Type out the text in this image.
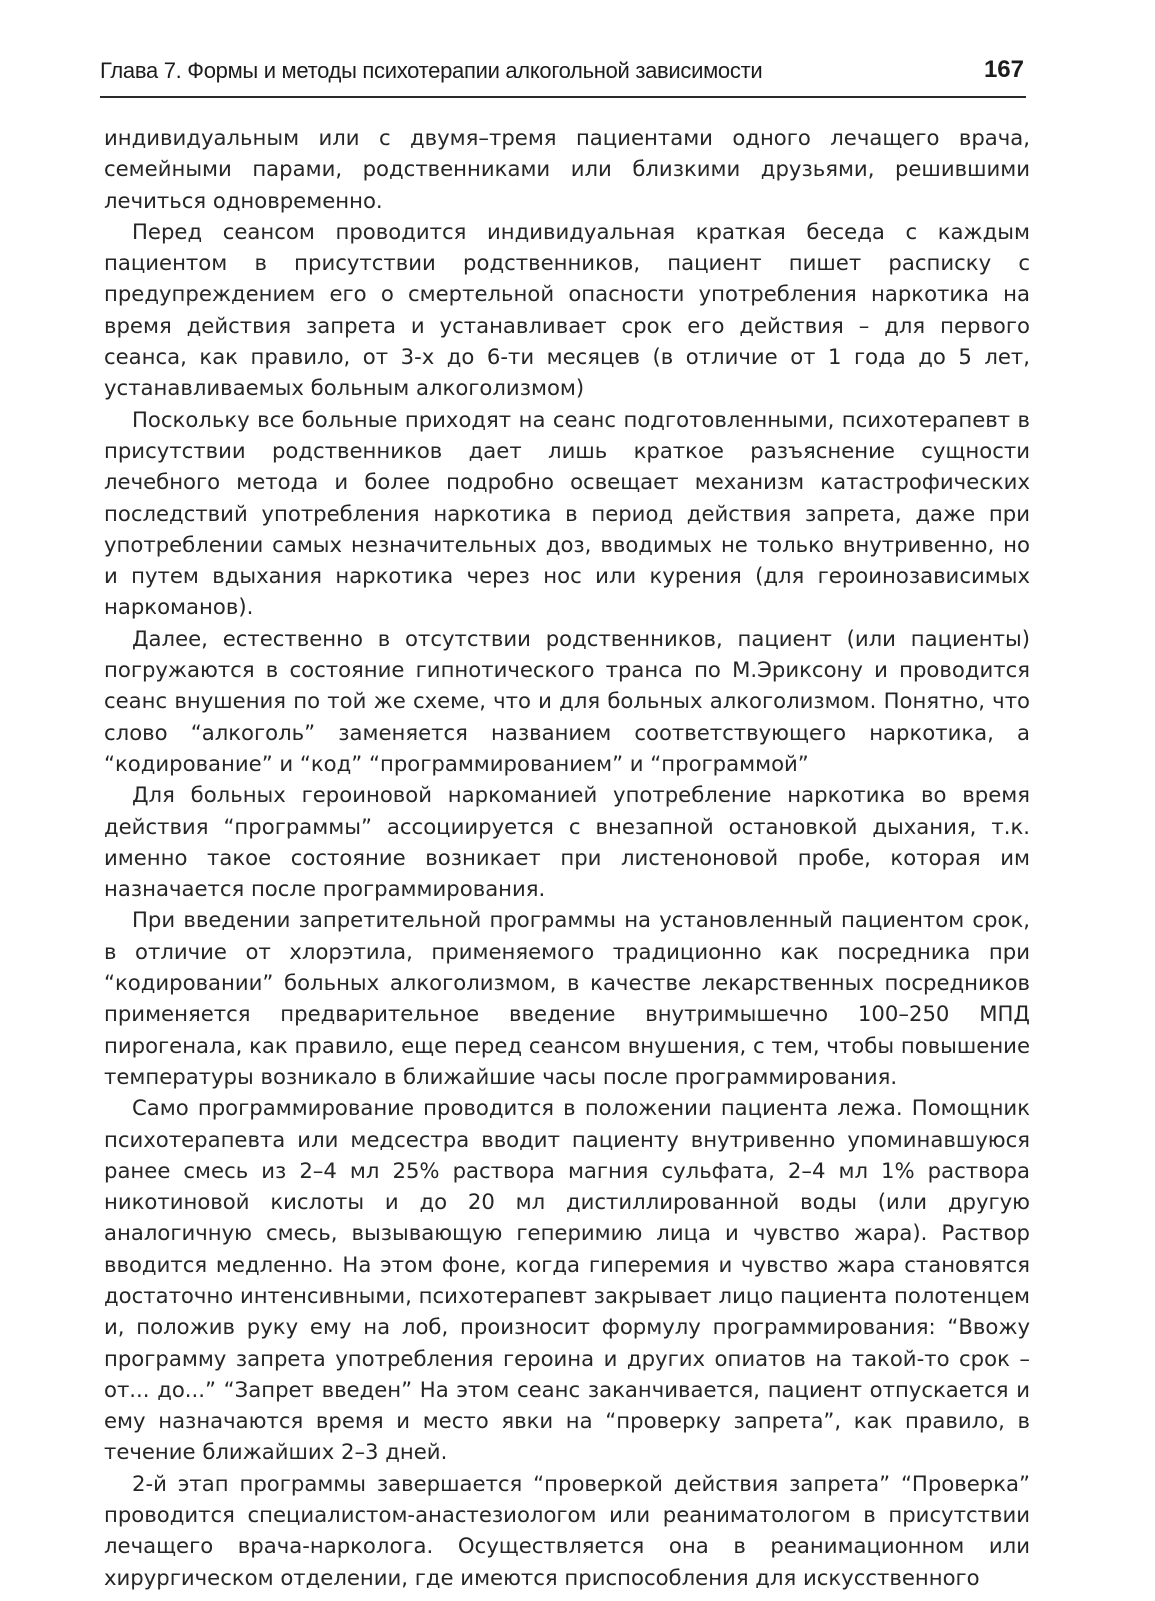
Глава 7. Формы и методы психотерапии алкогольной зависимости	167

индивидуальным или с двумя–тремя пациентами одного лечащего врача, семейными парами, родственниками или близкими друзьями, решившими лечиться одновременно.

Перед сеансом проводится индивидуальная краткая беседа с каждым пациентом в присутствии родственников, пациент пишет расписку с предупреждением его о смертельной опасности употребления наркотика на время действия запрета и устанавливает срок его действия – для первого сеанса, как правило, от 3-х до 6-ти месяцев (в отличие от 1 года до 5 лет, устанавливаемых больным алкоголизмом)

Поскольку все больные приходят на сеанс подготовленными, психотерапевт в присутствии родственников дает лишь краткое разъяснение сущности лечебного метода и более подробно освещает механизм катастрофических последствий употребления наркотика в период действия запрета, даже при употреблении самых незначительных доз, вводимых не только внутривенно, но и путем вдыхания наркотика через нос или курения (для героинозависимых наркоманов).

Далее, естественно в отсутствии родственников, пациент (или пациенты) погружаются в состояние гипнотического транса по М.Эриксону и проводится сеанс внушения по той же схеме, что и для больных алкоголизмом. Понятно, что слово “алкоголь” заменяется названием соответствующего наркотика, а “кодирование” и “код” “программированием” и “программой”

Для больных героиновой наркоманией употребление наркотика во время действия “программы” ассоциируется с внезапной остановкой дыхания, т.к. именно такое состояние возникает при листеноновой пробе, которая им назначается после программирования.

При введении запретительной программы на установленный пациентом срок, в отличие от хлорэтила, применяемого традиционно как посредника при “кодировании” больных алкоголизмом, в качестве лекарственных посредников применяется предварительное введение внутримышечно 100–250 МПД пирогенала, как правило, еще перед сеансом внушения, с тем, чтобы повышение температуры возникало в ближайшие часы после программирования.

Само программирование проводится в положении пациента лежа. Помощник психотерапевта или медсестра вводит пациенту внутривенно упоминавшуюся ранее смесь из 2–4 мл 25% раствора магния сульфата, 2–4 мл 1% раствора никотиновой кислоты и до 20 мл дистиллированной воды (или другую аналогичную смесь, вызывающую геперимию лица и чувство жара). Раствор вводится медленно. На этом фоне, когда гиперемия и чувство жара становятся достаточно интенсивными, психотерапевт закрывает лицо пациента полотенцем и, положив руку ему на лоб, произносит формулу программирования: “Ввожу программу запрета употребления героина и других опиатов на такой-то срок – от... до...” “Запрет введен” На этом сеанс заканчивается, пациент отпускается и ему назначаются время и место явки на “проверку запрета”, как правило, в течение ближайших 2–3 дней.

2-й этап программы завершается “проверкой действия запрета” “Проверка” проводится специалистом-анастезиологом или реаниматологом в присутствии лечащего врача-нарколога. Осуществляется она в реанимационном или хирургическом отделении, где имеются приспособления для искусственного
